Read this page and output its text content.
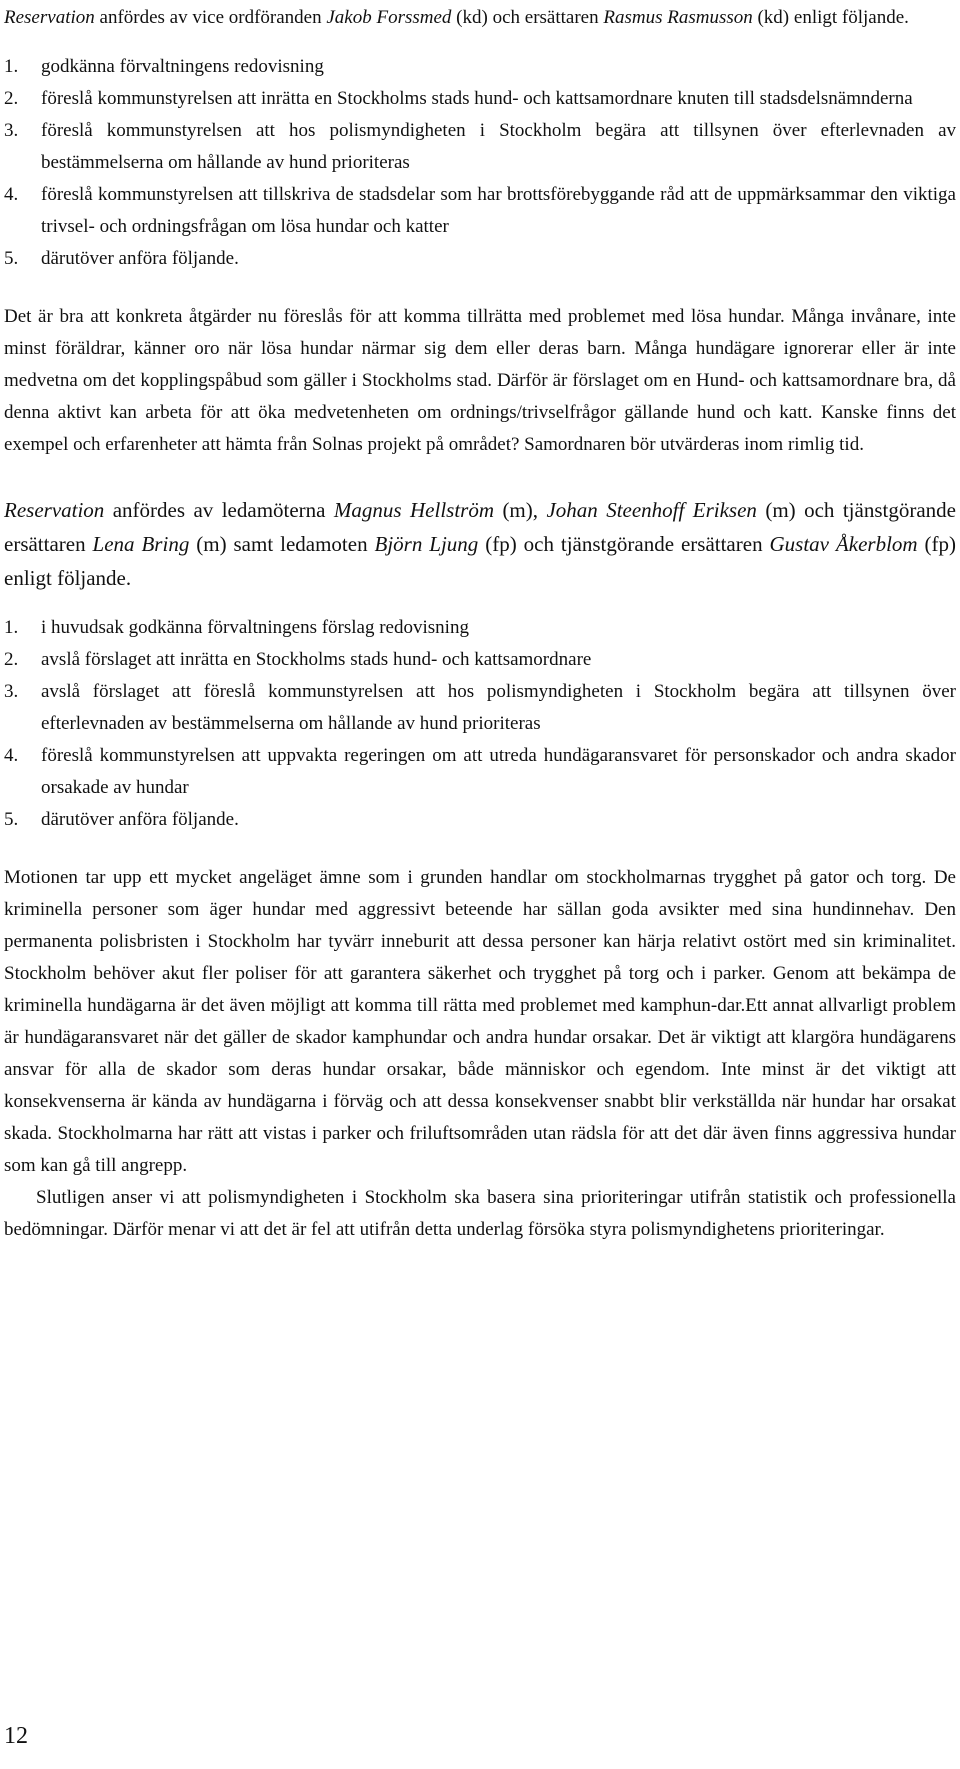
Reservation anfördes av vice ordföranden Jakob Forssmed (kd) och ersättaren Rasmus Rasmusson (kd) enligt följande.

1. godkänna förvaltningens redovisning
2. föreslå kommunstyrelsen att inrätta en Stockholms stads hund- och kattsamordnare knuten till stadsdelsnämnderna
3. föreslå kommunstyrelsen att hos polismyndigheten i Stockholm begära att tillsynen över efterlevnaden av bestämmelserna om hållande av hund prioriteras
4. föreslå kommunstyrelsen att tillskriva de stadsdelar som har brottsförebyggande råd att de uppmärksammar den viktiga trivsel- och ordningsfrågan om lösa hundar och katter
5. därutöver anföra följande.

Det är bra att konkreta åtgärder nu föreslås för att komma tillrätta med problemet med lösa hundar. Många invånare, inte minst föräldrar, känner oro när lösa hundar närmar sig dem eller deras barn. Många hundägare ignorerar eller är inte medvetna om det kopplingspåbud som gäller i Stockholms stad. Därför är förslaget om en Hund- och kattsamordnare bra, då denna aktivt kan arbeta för att öka medvetenheten om ordnings/trivselfrågor gällande hund och katt. Kanske finns det exempel och erfarenheter att hämta från Solnas projekt på området? Samordnaren bör utvärderas inom rimlig tid.

Reservation anfördes av ledamöterna Magnus Hellström (m), Johan Steenhoff Eriksen (m) och tjänstgörande ersättaren Lena Bring (m) samt ledamoten Björn Ljung (fp) och tjänstgörande ersättaren Gustav Åkerblom (fp) enligt följande.

1. i huvudsak godkänna förvaltningens förslag redovisning
2. avslå förslaget att inrätta en Stockholms stads hund- och kattsamordnare
3. avslå förslaget att föreslå kommunstyrelsen att hos polismyndigheten i Stockholm begära att tillsynen över efterlevnaden av bestämmelserna om hållande av hund prioriteras
4. föreslå kommunstyrelsen att uppvakta regeringen om att utreda hundägaransvaret för personskador och andra skador orsakade av hundar
5. därutöver anföra följande.

Motionen tar upp ett mycket angeläget ämne som i grunden handlar om stockholmarnas trygghet på gator och torg. De kriminella personer som äger hundar med aggressivt beteende har sällan goda avsikter med sina hundinnehav. Den permanenta polisbristen i Stockholm har tyvärr inneburit att dessa personer kan härja relativt ostört med sin kriminalitet. Stockholm behöver akut fler poliser för att garantera säkerhet och trygghet på torg och i parker. Genom att bekämpa de kriminella hundägarna är det även möjligt att komma till rätta med problemet med kamphun-dar.Ett annat allvarligt problem är hundägaransvaret när det gäller de skador kamphundar och andra hundar orsakar. Det är viktigt att klargöra hundägarens ansvar för alla de skador som deras hundar orsakar, både människor och egendom. Inte minst är det viktigt att konsekvenserna är kända av hundägarna i förväg och att dessa konsekvenser snabbt blir verkställda när hundar har orsakat skada. Stockholmarna har rätt att vistas i parker och friluftsområden utan rädsla för att det där även finns aggressiva hundar som kan gå till angrepp.

Slutligen anser vi att polismyndigheten i Stockholm ska basera sina prioriteringar utifrån statistik och professionella bedömningar. Därför menar vi att det är fel att utifrån detta underlag försöka styra polismyndighetens prioriteringar.

12
